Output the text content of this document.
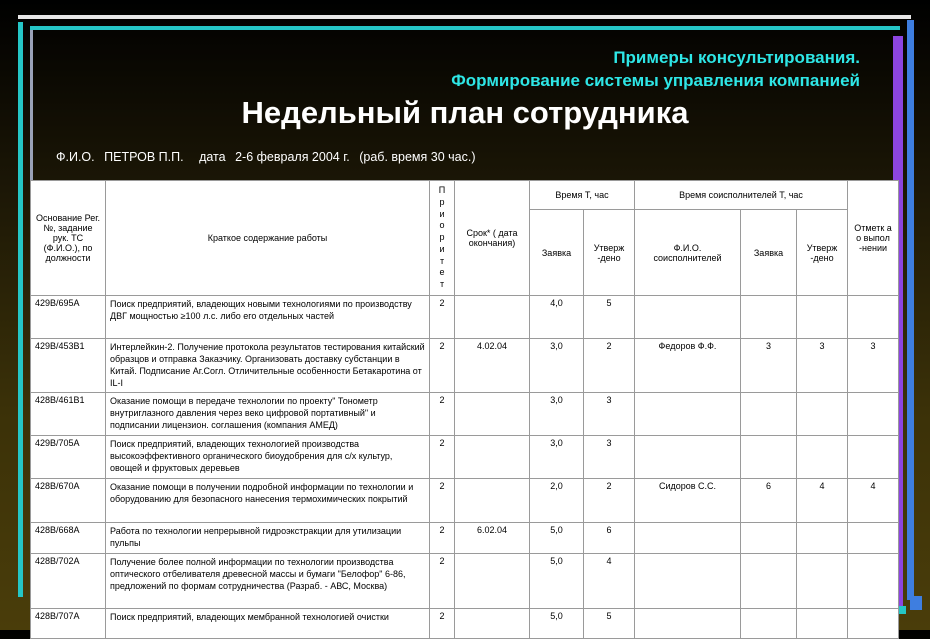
Примеры консультирования.
Формирование системы управления компанией
Недельный план сотрудника
Ф.И.О. ПЕТРОВ П.П. дата 2-6 февраля 2004 г. (раб. время 30 час.)
Основание Рег. №, задание рук. ТС (Ф.И.О.), по должности	Краткое содержание работы	Приоритет	Срок* ( дата окончания)	Время Т, час		Время соисполнителей Т, час			Отметк а о выпол -нении
				Заявка	Утверж -дено	Ф.И.О. соисполнителей	Заявка	Утверж -дено	
429В/695А	Поиск предприятий, владеющих новыми технологиями по производству ДВГ мощностью ≥100 л.с. либо его отдельных частей	2		4,0	5				
429В/453В1	Интерлейкин-2. Получение протокола результатов тестирования китайский образцов и отправка Заказчику. Организовать доставку субстанции в Китай. Подписание Аг.Согл. Отличительные особенности Бетакаротина от IL-I	2	4.02.04	3,0	2	Федоров Ф.Ф.	3	3	3
428В/461В1	Оказание помощи в передаче технологии по проекту" Тонометр внутриглазного давления через веко цифровой портативный" и подписании лицензион. соглашения (компания АМЕД)	2		3,0	3				
429В/705А	Поиск предприятий, владеющих технологией производства высокоэффективного органического биоудобрения для с/х культур, овощей и фруктовых деревьев	2		3,0	3				
428В/670А	Оказание помощи в получении подробной информации по технологии и оборудованию для безопасного нанесения термохимических покрытий	2		2,0	2	Сидоров С.С.	6	4	4
428В/668А	Работа по технологии непрерывной гидроэкстракции для утилизации пульпы	2	6.02.04	5,0	6				
428В/702А	Получение более полной информации по технологии производства оптического отбеливателя древесной массы и бумаги "Белофор" 6-86, предложений по формам сотрудничества (Разраб. - АВС, Москва)	2		5,0	4				
428В/707А	Поиск предприятий, владеющих мембранной технологией очистки	2		5,0	5				
